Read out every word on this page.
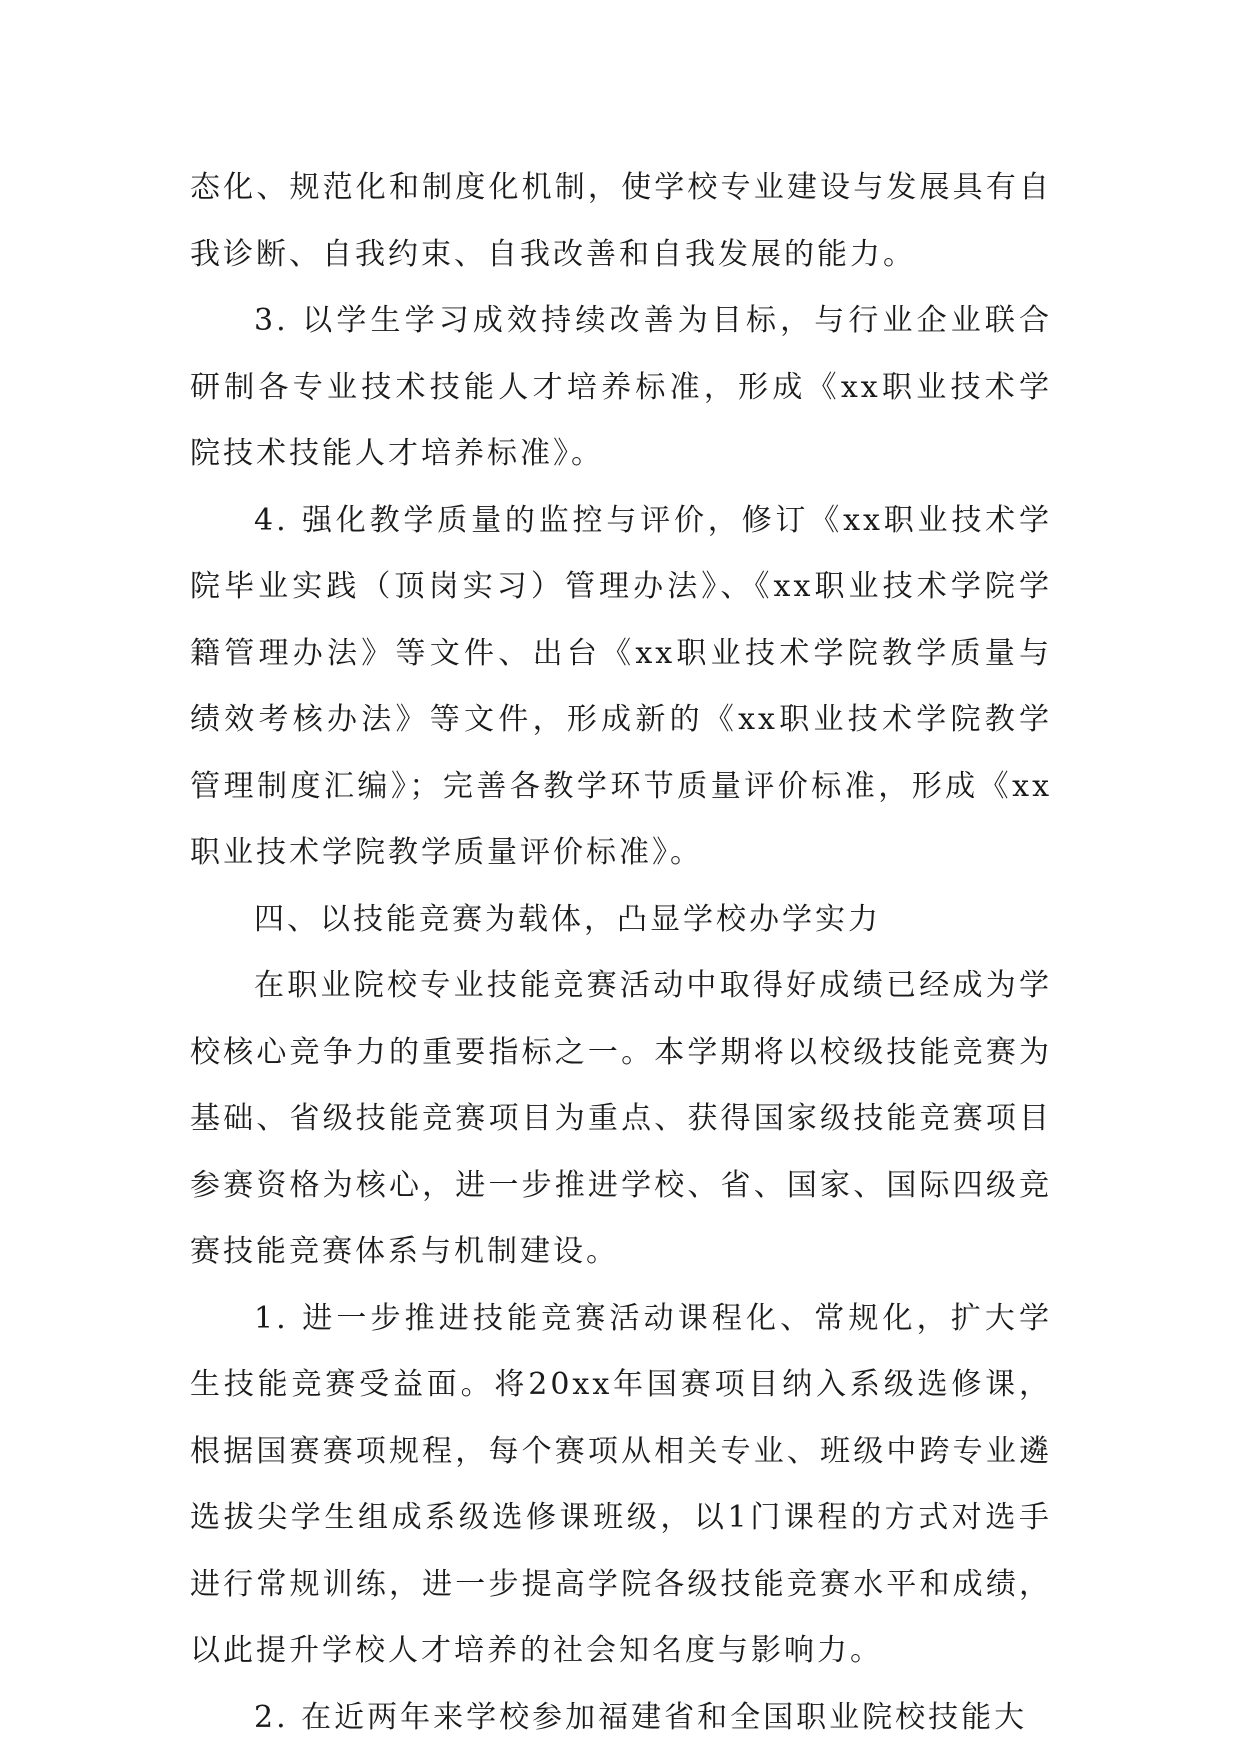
态化、规范化和制度化机制，使学校专业建设与发展具有自我诊断、自我约束、自我改善和自我发展的能力。

3. 以学生学习成效持续改善为目标，与行业企业联合研制各专业技术技能人才培养标准，形成《xx职业技术学院技术技能人才培养标准》。

4. 强化教学质量的监控与评价，修订《xx职业技术学院毕业实践（顶岗实习）管理办法》、《xx职业技术学院学籍管理办法》等文件、出台《xx职业技术学院教学质量与绩效考核办法》等文件，形成新的《xx职业技术学院教学管理制度汇编》；完善各教学环节质量评价标准，形成《xx职业技术学院教学质量评价标准》。

四、以技能竞赛为载体，凸显学校办学实力

在职业院校专业技能竞赛活动中取得好成绩已经成为学校核心竞争力的重要指标之一。本学期将以校级技能竞赛为基础、省级技能竞赛项目为重点、获得国家级技能竞赛项目参赛资格为核心，进一步推进学校、省、国家、国际四级竞赛技能竞赛体系与机制建设。

1. 进一步推进技能竞赛活动课程化、常规化，扩大学生技能竞赛受益面。将20xx年国赛项目纳入系级选修课，根据国赛赛项规程，每个赛项从相关专业、班级中跨专业遴选拔尖学生组成系级选修课班级，以1门课程的方式对选手进行常规训练，进一步提高学院各级技能竞赛水平和成绩，以此提升学校人才培养的社会知名度与影响力。

2. 在近两年来学校参加福建省和全国职业院校技能大
